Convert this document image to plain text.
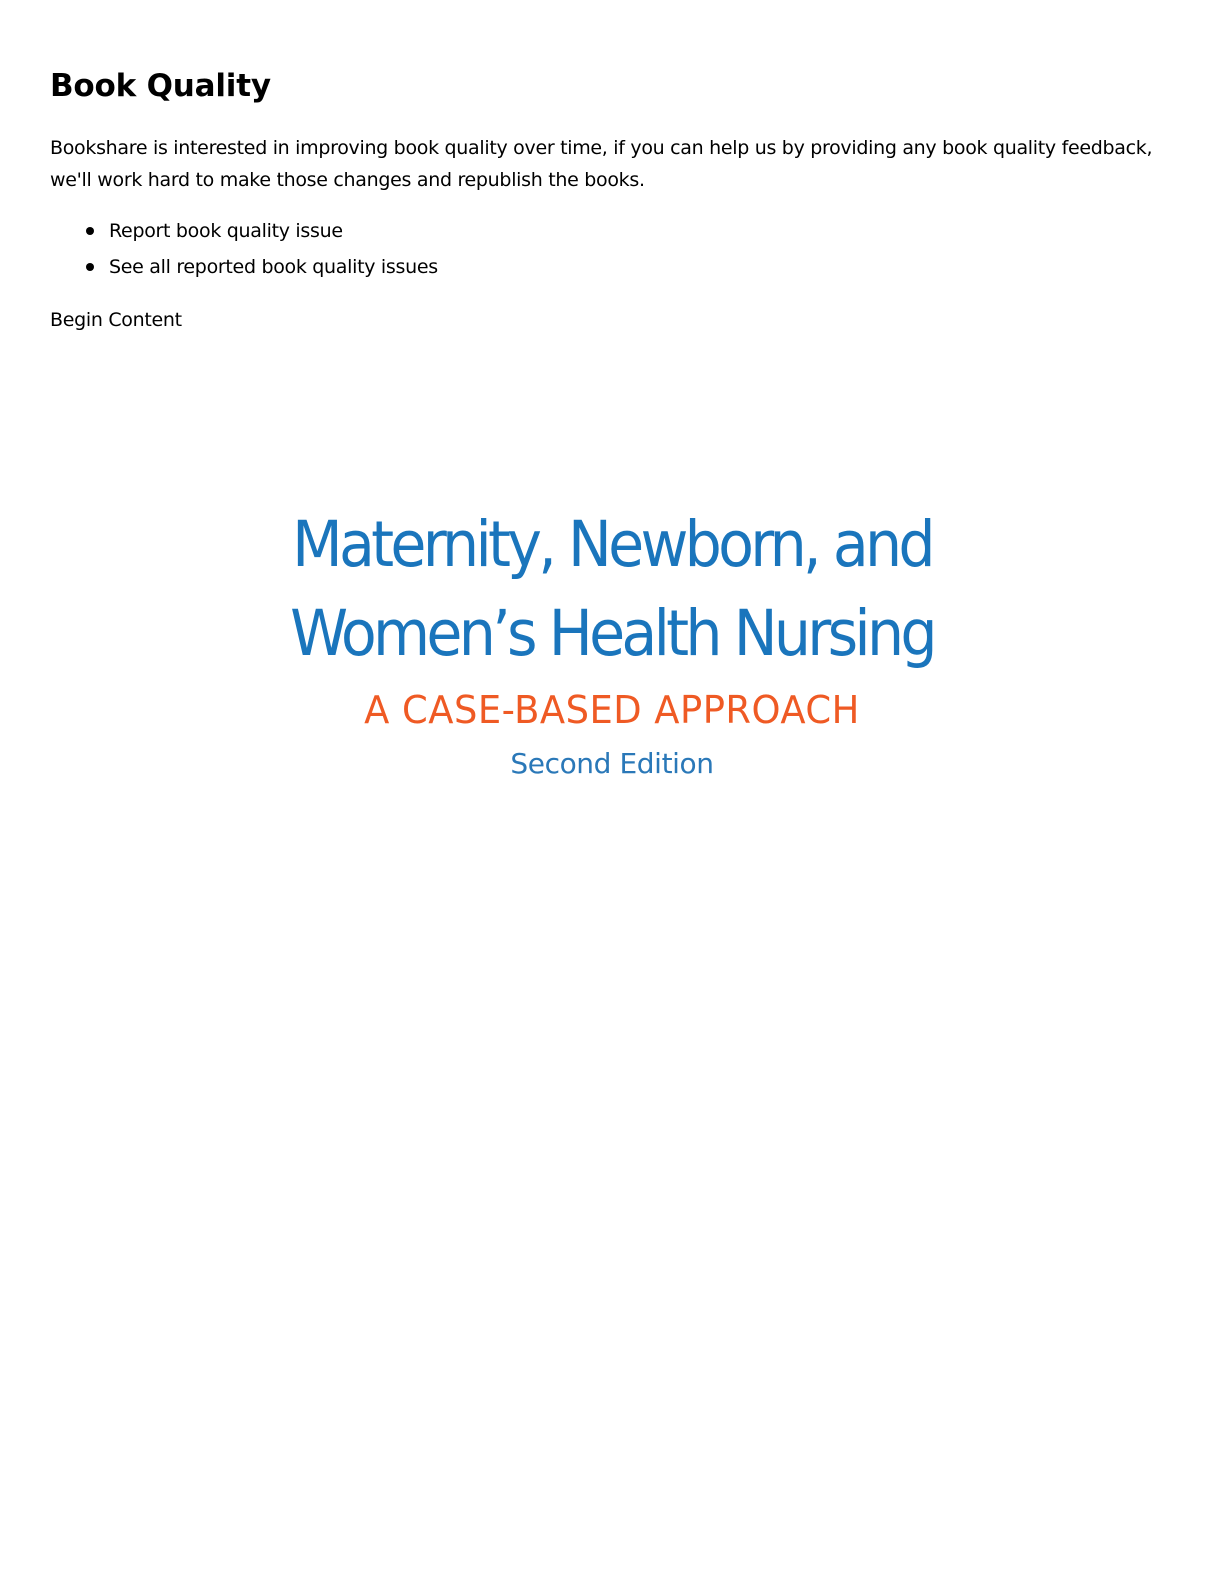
Book Quality

Bookshare is interested in improving book quality over time, if you can help us by providing any book quality feedback, we'll work hard to make those changes and republish the books.

Report book quality issue
See all reported book quality issues

Begin Content

Maternity, Newborn, and
Women’s Health Nursing
A CASE-BASED APPROACH
Second Edition
